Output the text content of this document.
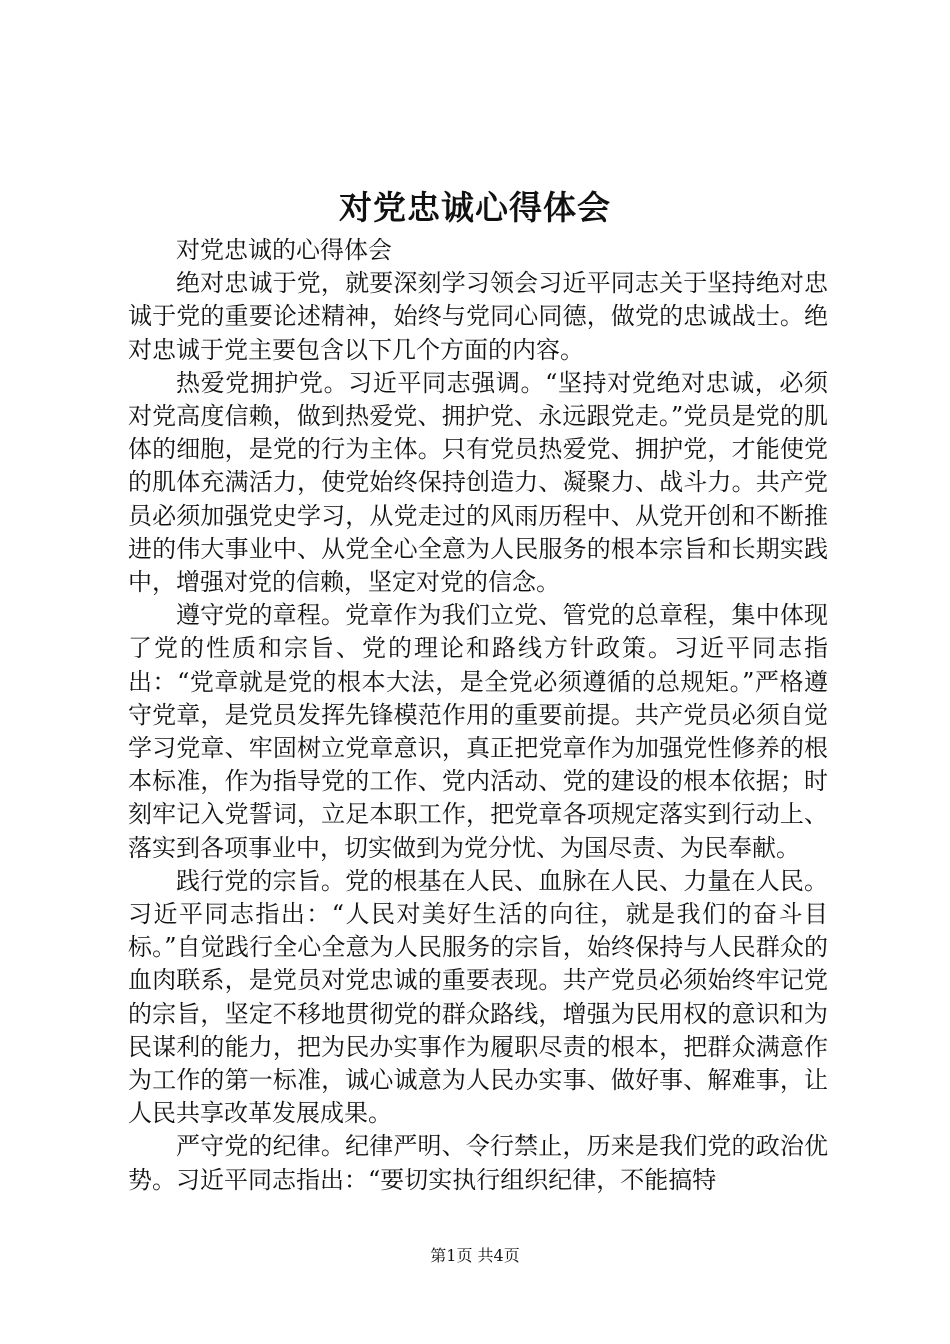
对党忠诚心得体会

对党忠诚的心得体会

绝对忠诚于党，就要深刻学习领会习近平同志关于坚持绝对忠诚于党的重要论述精神，始终与党同心同德，做党的忠诚战士。绝对忠诚于党主要包含以下几个方面的内容。

热爱党拥护党。习近平同志强调。“坚持对党绝对忠诚，必须对党高度信赖，做到热爱党、拥护党、永远跟党走。”党员是党的肌体的细胞，是党的行为主体。只有党员热爱党、拥护党，才能使党的肌体充满活力，使党始终保持创造力、凝聚力、战斗力。共产党员必须加强党史学习，从党走过的风雨历程中、从党开创和不断推进的伟大事业中、从党全心全意为人民服务的根本宗旨和长期实践中，增强对党的信赖，坚定对党的信念。

遵守党的章程。党章作为我们立党、管党的总章程，集中体现了党的性质和宗旨、党的理论和路线方针政策。习近平同志指出：“党章就是党的根本大法，是全党必须遵循的总规矩。”严格遵守党章，是党员发挥先锋模范作用的重要前提。共产党员必须自觉学习党章、牢固树立党章意识，真正把党章作为加强党性修养的根本标准，作为指导党的工作、党内活动、党的建设的根本依据；时刻牢记入党誓词，立足本职工作，把党章各项规定落实到行动上、落实到各项事业中，切实做到为党分忧、为国尽责、为民奉献。

践行党的宗旨。党的根基在人民、血脉在人民、力量在人民。习近平同志指出：“人民对美好生活的向往，就是我们的奋斗目标。”自觉践行全心全意为人民服务的宗旨，始终保持与人民群众的血肉联系，是党员对党忠诚的重要表现。共产党员必须始终牢记党的宗旨，坚定不移地贯彻党的群众路线，增强为民用权的意识和为民谋利的能力，把为民办实事作为履职尽责的根本，把群众满意作为工作的第一标准，诚心诚意为人民办实事、做好事、解难事，让人民共享改革发展成果。

严守党的纪律。纪律严明、令行禁止，历来是我们党的政治优势。习近平同志指出：“要切实执行组织纪律，不能搞特

第1页 共4页
